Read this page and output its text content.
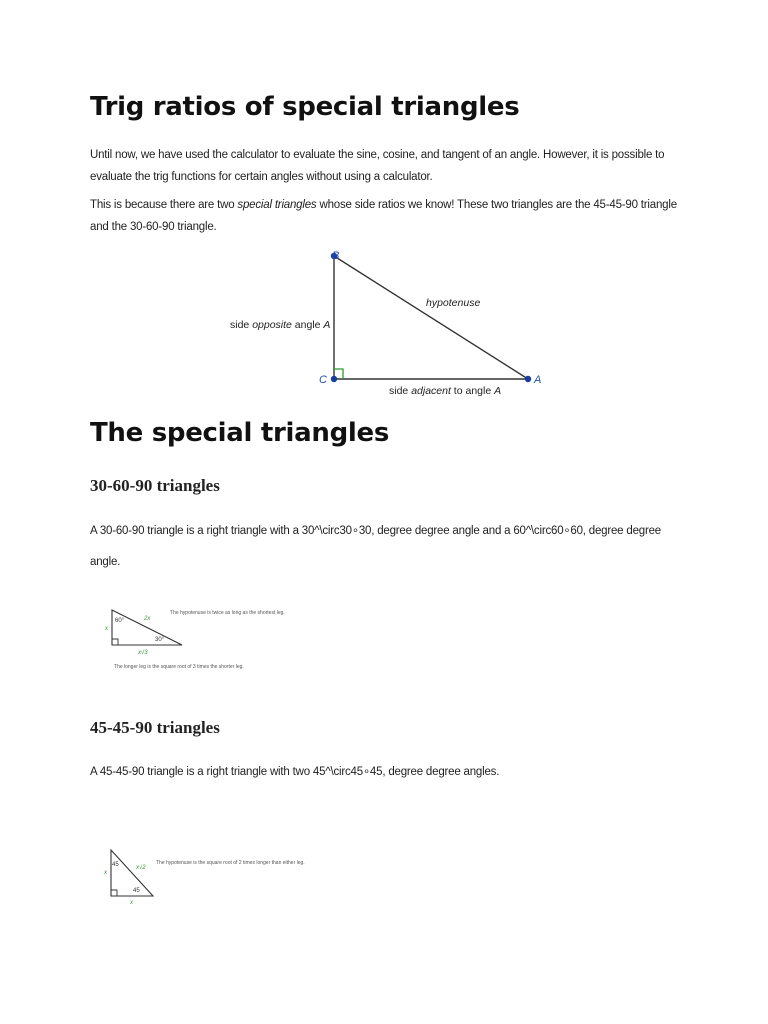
Trig ratios of special triangles

Until now, we have used the calculator to evaluate the sine, cosine, and tangent of an angle. However, it is possible to evaluate the trig functions for certain angles without using a calculator.

This is because there are two special triangles whose side ratios we know! These two triangles are the 45-45-90 triangle and the 30-60-90 triangle.

B
C	A
hypotenuse
side opposite angle A
side adjacent to angle A
The special triangles
30-60-90 triangles

A 30-60-90 triangle is a right triangle with a 30^\circ30∘30, degree degree angle and a 60^\circ60∘60, degree degree angle.

60°
30°
2x
x
x√3
The hypotenuse is twice as long as the shortest leg.
The longer leg is the square root of 3 times the shorter leg.
45-45-90 triangles

A 45-45-90 triangle is a right triangle with two 45^\circ45∘45, degree degree angles.

45
45
x√2
x
x
The hypotenuse is the square root of 2 times longer than either leg.
